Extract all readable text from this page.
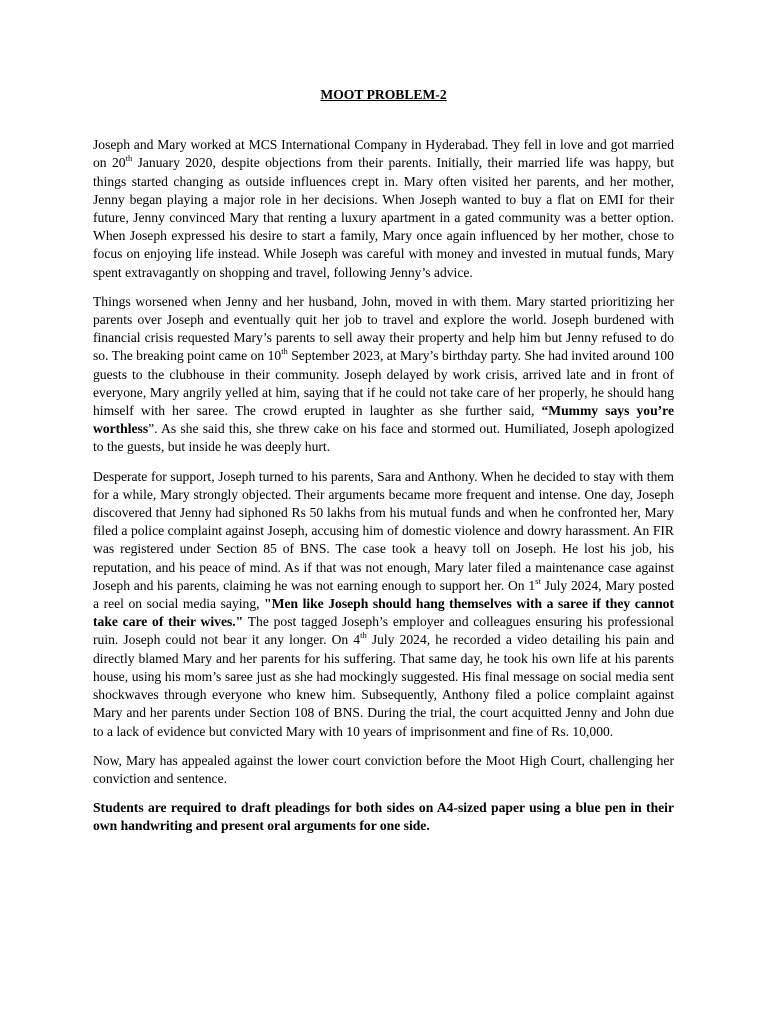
MOOT PROBLEM-2

Joseph and Mary worked at MCS International Company in Hyderabad. They fell in love and got married on 20th January 2020, despite objections from their parents. Initially, their married life was happy, but things started changing as outside influences crept in. Mary often visited her parents, and her mother, Jenny began playing a major role in her decisions. When Joseph wanted to buy a flat on EMI for their future, Jenny convinced Mary that renting a luxury apartment in a gated community was a better option. When Joseph expressed his desire to start a family, Mary once again influenced by her mother, chose to focus on enjoying life instead. While Joseph was careful with money and invested in mutual funds, Mary spent extravagantly on shopping and travel, following Jenny’s advice.

Things worsened when Jenny and her husband, John, moved in with them. Mary started prioritizing her parents over Joseph and eventually quit her job to travel and explore the world. Joseph burdened with financial crisis requested Mary’s parents to sell away their property and help him but Jenny refused to do so. The breaking point came on 10th September 2023, at Mary’s birthday party. She had invited around 100 guests to the clubhouse in their community. Joseph delayed by work crisis, arrived late and in front of everyone, Mary angrily yelled at him, saying that if he could not take care of her properly, he should hang himself with her saree. The crowd erupted in laughter as she further said, “Mummy says you’re worthless”. As she said this, she threw cake on his face and stormed out. Humiliated, Joseph apologized to the guests, but inside he was deeply hurt.

Desperate for support, Joseph turned to his parents, Sara and Anthony. When he decided to stay with them for a while, Mary strongly objected. Their arguments became more frequent and intense. One day, Joseph discovered that Jenny had siphoned Rs 50 lakhs from his mutual funds and when he confronted her, Mary filed a police complaint against Joseph, accusing him of domestic violence and dowry harassment. An FIR was registered under Section 85 of BNS. The case took a heavy toll on Joseph. He lost his job, his reputation, and his peace of mind. As if that was not enough, Mary later filed a maintenance case against Joseph and his parents, claiming he was not earning enough to support her. On 1st July 2024, Mary posted a reel on social media saying, "Men like Joseph should hang themselves with a saree if they cannot take care of their wives." The post tagged Joseph’s employer and colleagues ensuring his professional ruin. Joseph could not bear it any longer. On 4th July 2024, he recorded a video detailing his pain and directly blamed Mary and her parents for his suffering. That same day, he took his own life at his parents house, using his mom’s saree just as she had mockingly suggested. His final message on social media sent shockwaves through everyone who knew him. Subsequently, Anthony filed a police complaint against Mary and her parents under Section 108 of BNS. During the trial, the court acquitted Jenny and John due to a lack of evidence but convicted Mary with 10 years of imprisonment and fine of Rs. 10,000.

Now, Mary has appealed against the lower court conviction before the Moot High Court, challenging her conviction and sentence.

Students are required to draft pleadings for both sides on A4-sized paper using a blue pen in their own handwriting and present oral arguments for one side.
